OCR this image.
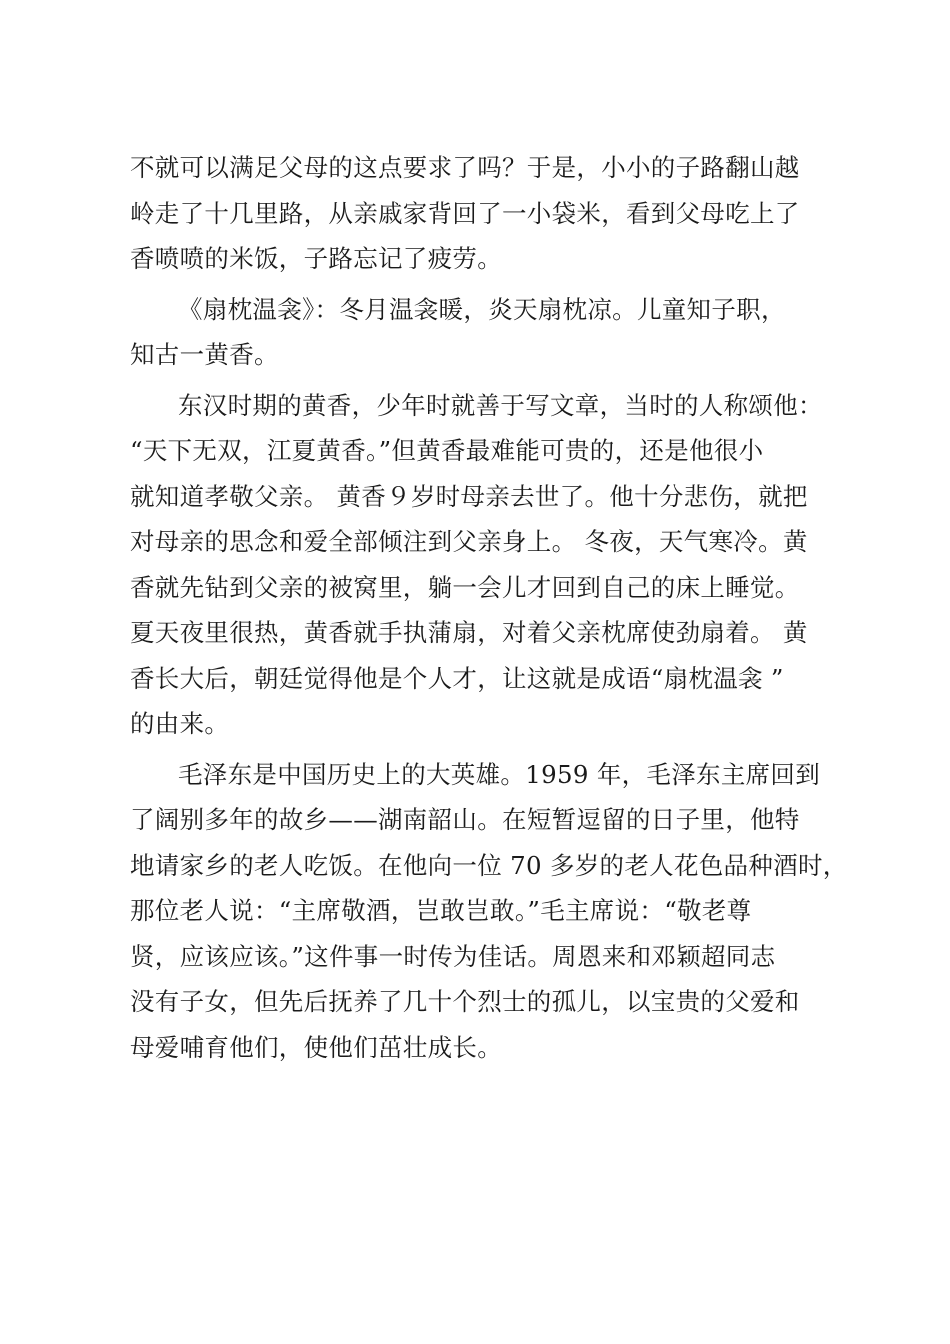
不就可以满足父母的这点要求了吗？于是，小小的子路翻山越
岭走了十几里路，从亲戚家背回了一小袋米，看到父母吃上了
香喷喷的米饭，子路忘记了疲劳。
《扇枕温衾》：冬月温衾暖，炎天扇枕凉。儿童知子职，
知古一黄香。
东汉时期的黄香，少年时就善于写文章，当时的人称颂他：
“天下无双，江夏黄香。”但黄香最难能可贵的，还是他很小
就知道孝敬父亲。 黄香９岁时母亲去世了。他十分悲伤，就把
对母亲的思念和爱全部倾注到父亲身上。 冬夜，天气寒冷。黄
香就先钻到父亲的被窝里，躺一会儿才回到自己的床上睡觉。
夏天夜里很热，黄香就手执蒲扇，对着父亲枕席使劲扇着。 黄
香长大后，朝廷觉得他是个人才，让这就是成语“扇枕温衾 ”
的由来。
毛泽东是中国历史上的大英雄。1959 年，毛泽东主席回到
了阔别多年的故乡——湖南韶山。在短暂逗留的日子里，他特
地请家乡的老人吃饭。在他向一位 70 多岁的老人花色品种酒时，
那位老人说：“主席敬酒，岂敢岂敢。”毛主席说：“敬老尊
贤，应该应该。”这件事一时传为佳话。周恩来和邓颖超同志
没有子女，但先后抚养了几十个烈士的孤儿，以宝贵的父爱和
母爱哺育他们，使他们茁壮成长。
